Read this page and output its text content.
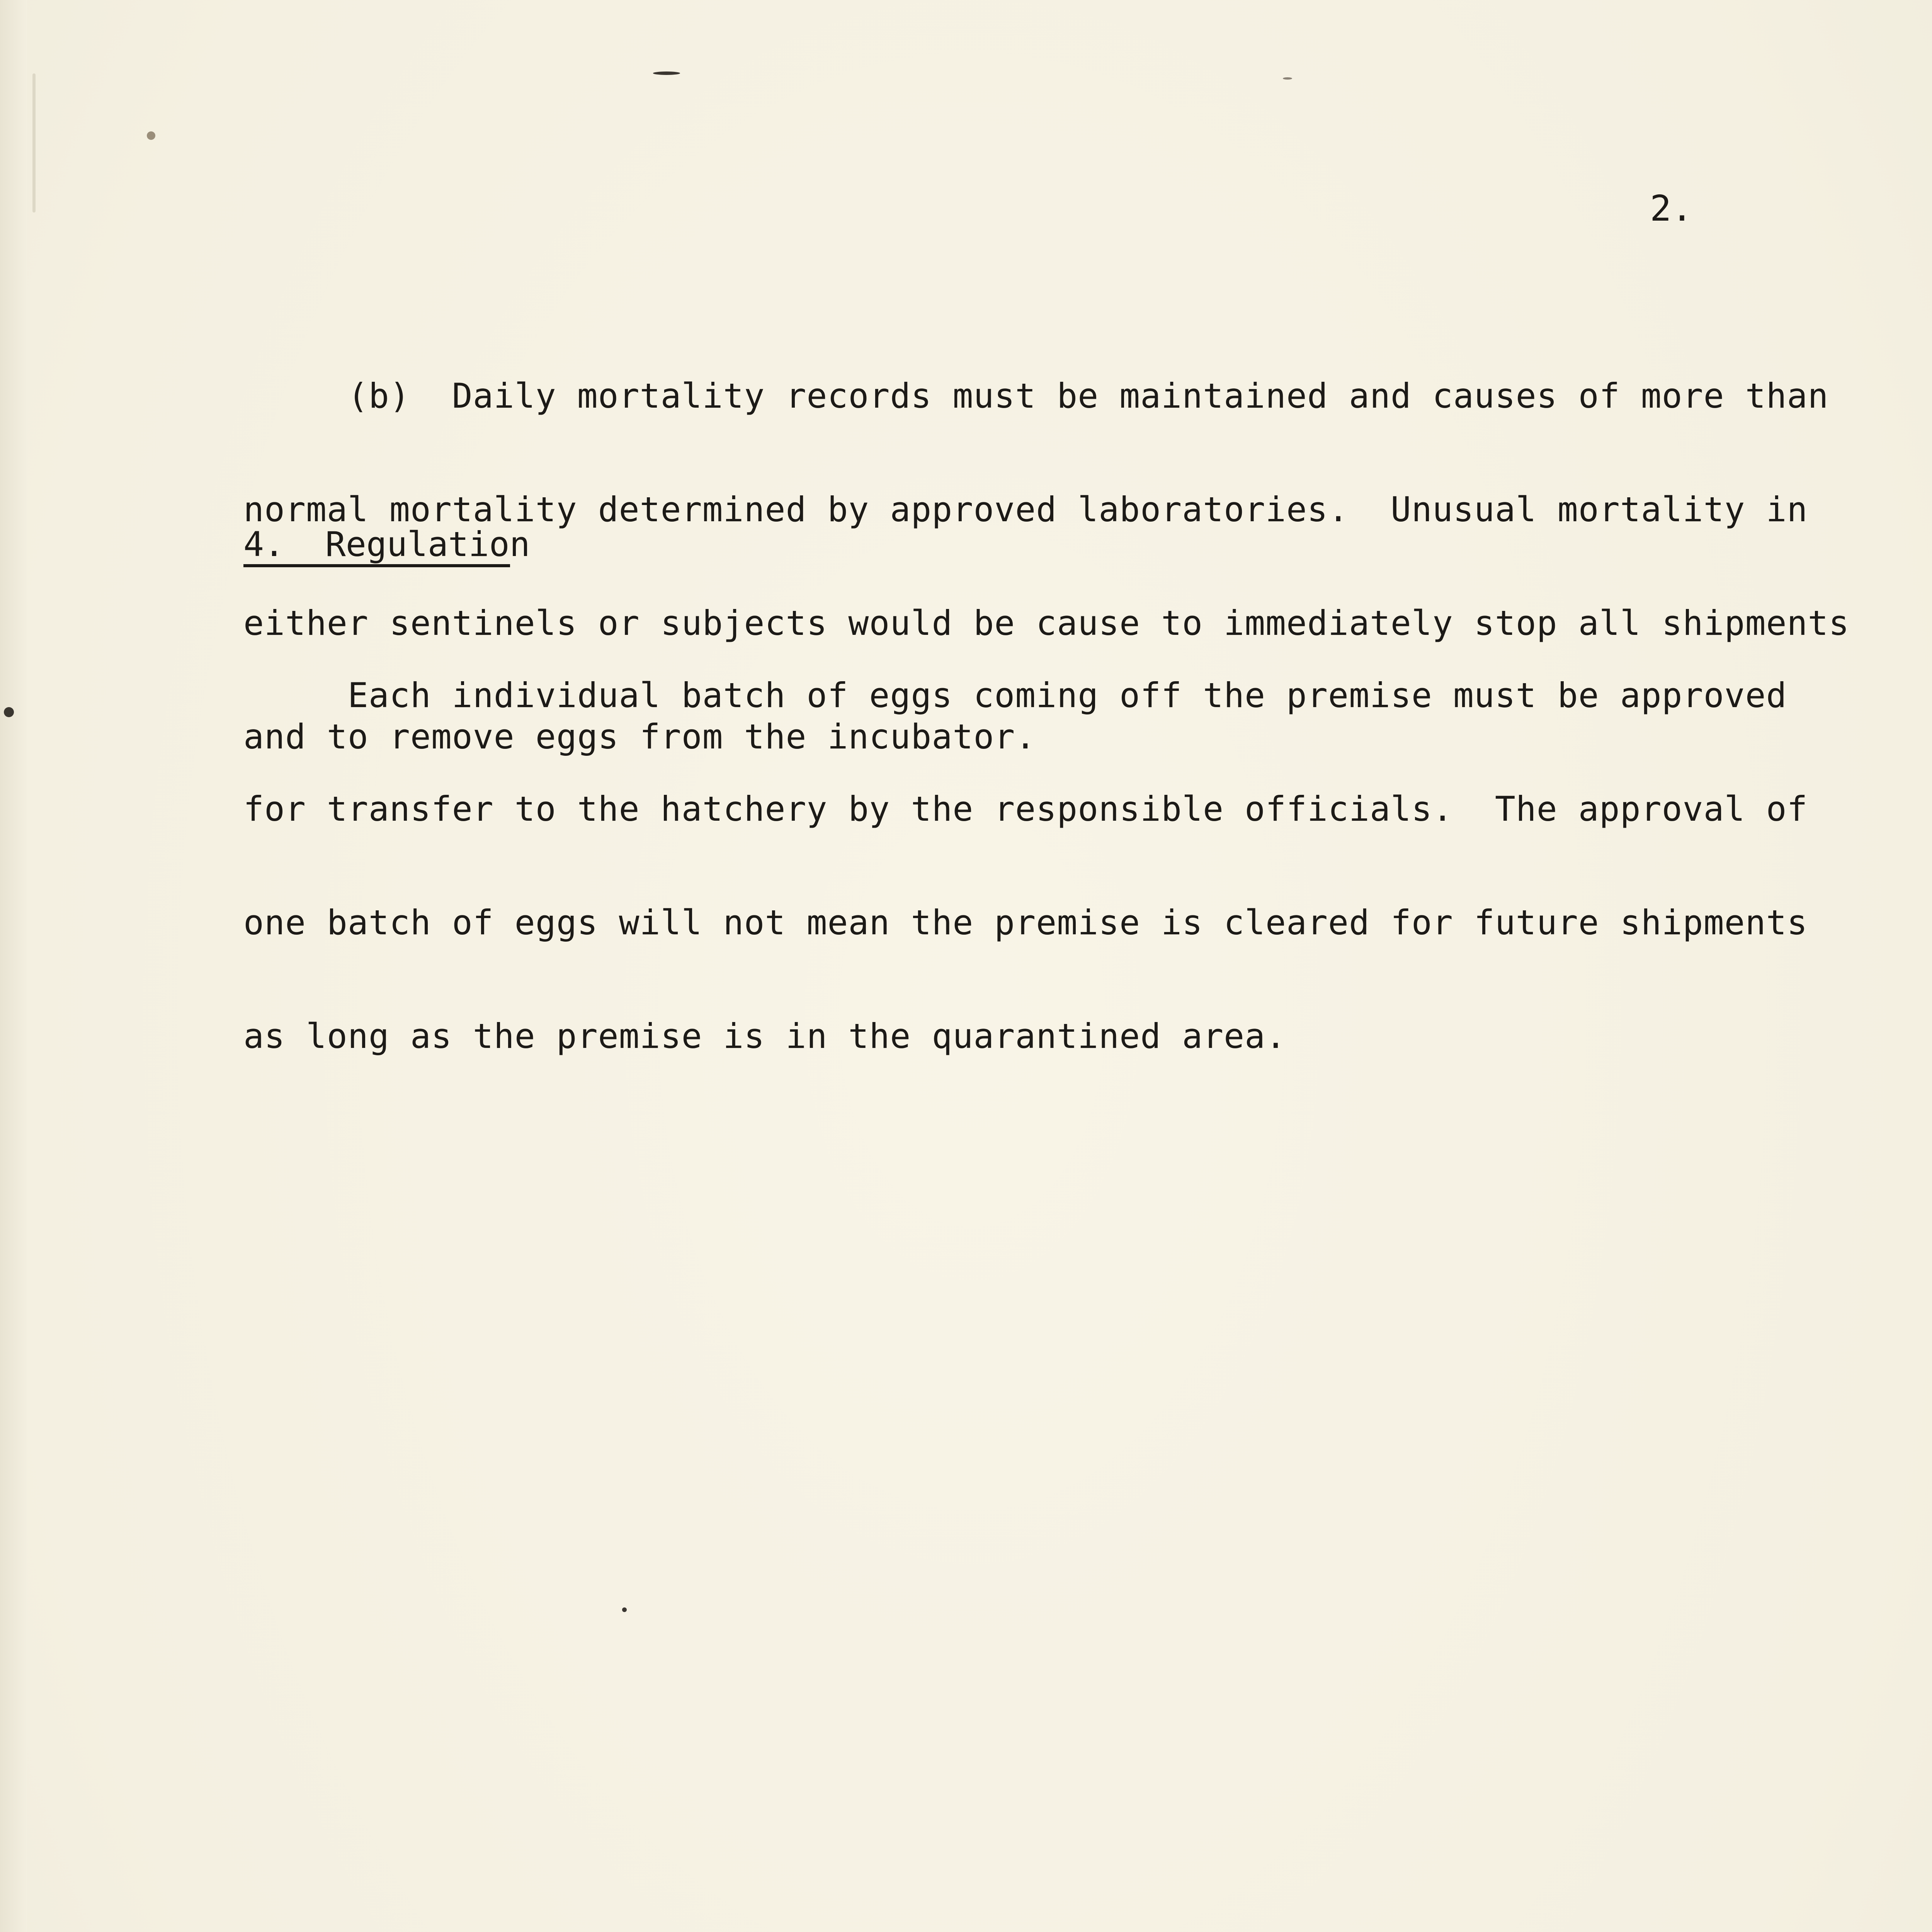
2.

(b)  Daily mortality records must be maintained and causes of more than

normal mortality determined by approved laboratories.  Unusual mortality in

either sentinels or subjects would be cause to immediately stop all shipments

and to remove eggs from the incubator.

4.  Regulation

Each individual batch of eggs coming off the premise must be approved

for transfer to the hatchery by the responsible officials.  The approval of

one batch of eggs will not mean the premise is cleared for future shipments

as long as the premise is in the quarantined area.
